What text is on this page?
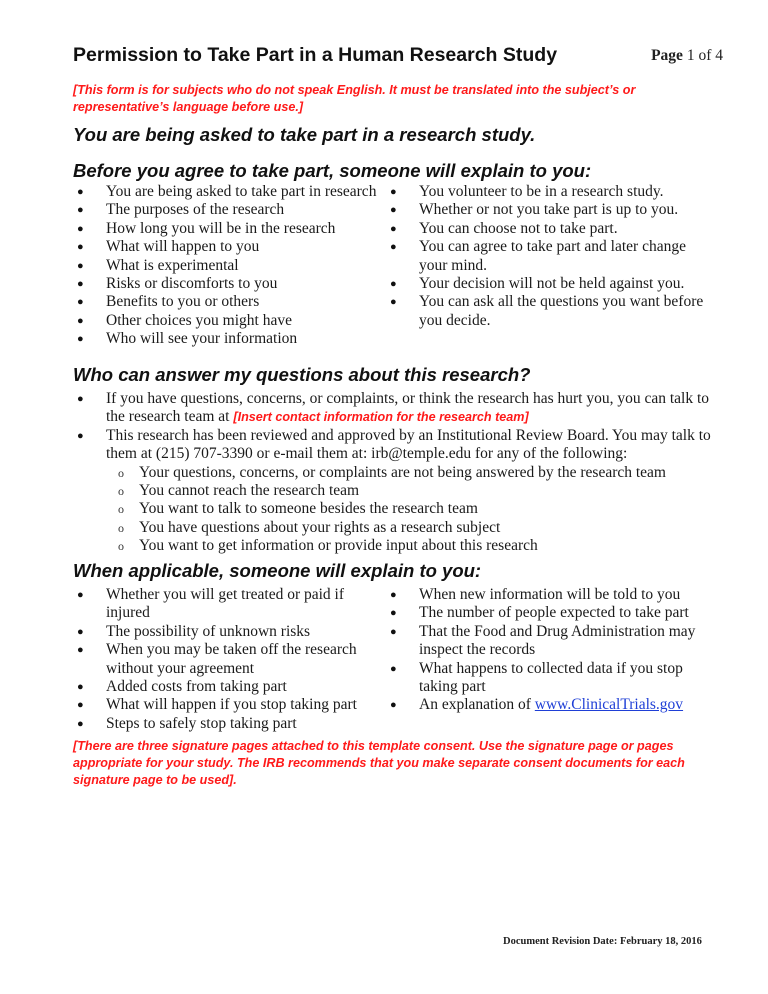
Permission to Take Part in a Human Research Study	Page 1 of 4
[This form is for subjects who do not speak English. It must be translated into the subject’s or representative’s language before use.]
You are being asked to take part in a research study.
Before you agree to take part, someone will explain to you:
● You are being asked to take part in research
● The purposes of the research
● How long you will be in the research
● What will happen to you
● What is experimental
● Risks or discomforts to you
● Benefits to you or others
● Other choices you might have
● Who will see your information
● You volunteer to be in a research study.
● Whether or not you take part is up to you.
● You can choose not to take part.
● You can agree to take part and later change your mind.
● Your decision will not be held against you.
● You can ask all the questions you want before you decide.
Who can answer my questions about this research?
● If you have questions, concerns, or complaints, or think the research has hurt you, you can talk to the research team at [Insert contact information for the research team]
● This research has been reviewed and approved by an Institutional Review Board. You may talk to them at (215) 707-3390 or e-mail them at: irb@temple.edu for any of the following:
o Your questions, concerns, or complaints are not being answered by the research team
o You cannot reach the research team
o You want to talk to someone besides the research team
o You have questions about your rights as a research subject
o You want to get information or provide input about this research
When applicable, someone will explain to you:
● Whether you will get treated or paid if injured
● The possibility of unknown risks
● When you may be taken off the research without your agreement
● Added costs from taking part
● What will happen if you stop taking part
● Steps to safely stop taking part
● When new information will be told to you
● The number of people expected to take part
● That the Food and Drug Administration may inspect the records
● What happens to collected data if you stop taking part
● An explanation of www.ClinicalTrials.gov
[There are three signature pages attached to this template consent. Use the signature page or pages appropriate for your study. The IRB recommends that you make separate consent documents for each signature page to be used].
Document Revision Date: February 18, 2016
